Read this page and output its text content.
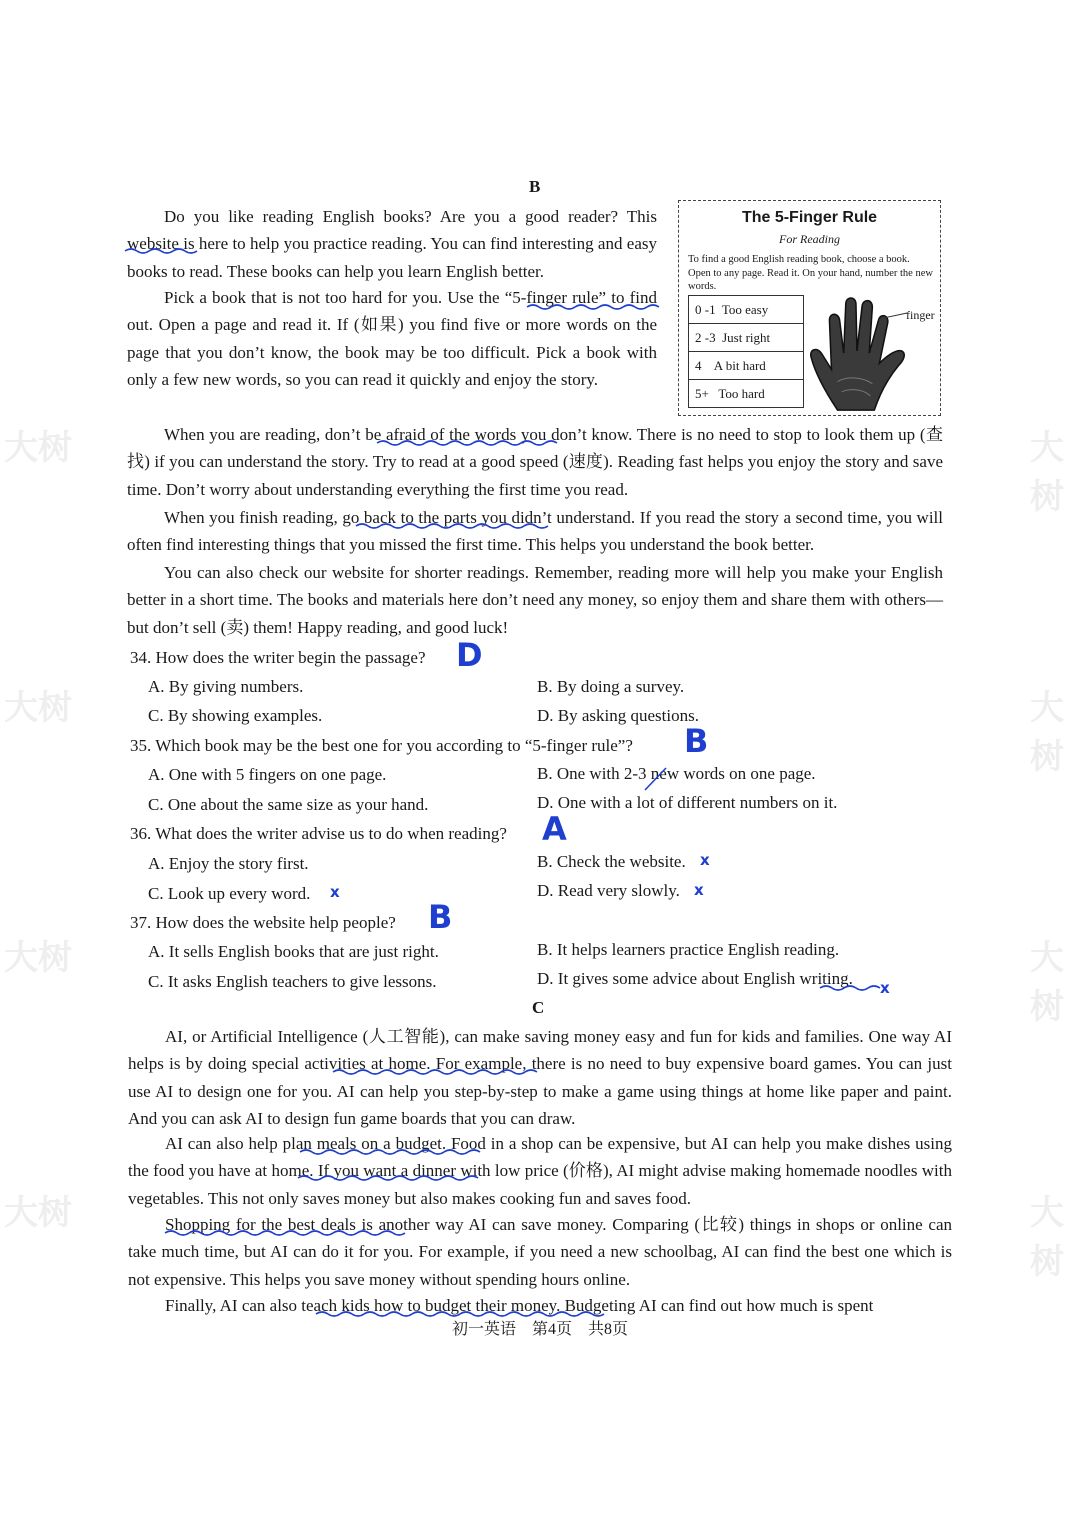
大树	大树
大树	大树
大树	大树
大树	大树
B

Do you like reading English books? Are you a good reader? This website is here to help you practice reading. You can find interesting and easy books to read. These books can help you learn English better.

Pick a book that is not too hard for you. Use the “5-finger rule” to find out. Open a page and read it. If (如果) you find five or more words on the page that you don’t know, the book may be too difficult. Pick a book with only a few new words, so you can read it quickly and enjoy the story.

When you are reading, don’t be afraid of the words you don’t know. There is no need to stop to look them up (查找) if you can understand the story. Try to read at a good speed (速度). Reading fast helps you enjoy the story and save time. Don’t worry about understanding everything the first time you read.

When you finish reading, go back to the parts you didn’t understand. If you read the story a second time, you will often find interesting things that you missed the first time. This helps you understand the book better.

You can also check our website for shorter readings. Remember, reading more will help you make your English better in a short time. The books and materials here don’t need any money, so enjoy them and share them with others—but don’t sell (卖) them! Happy reading, and good luck!

The 5-Finger Rule
For Reading
To find a good English reading book, choose a book. Open to any page. Read it. On your hand, number the new words.
0 -1 Too easy
2 -3 Just right
4 A bit hard
5+ Too hard
finger
34. How does the writer begin the passage? D
A. By giving numbers.	B. By doing a survey.
C. By showing examples.	D. By asking questions.
35. Which book may be the best one for you according to “5-finger rule”? B
A. One with 5 fingers on one page.	B. One with 2-3 new words on one page.
C. One about the same size as your hand.	D. One with a lot of different numbers on it.
36. What does the writer advise us to do when reading? A
A. Enjoy the story first.	B. Check the website. x
C. Look up every word. x	D. Read very slowly. x
37. How does the website help people? B
A. It sells English books that are just right.	B. It helps learners practice English reading.
C. It asks English teachers to give lessons.	D. It gives some advice about English writing. x
C

AI, or Artificial Intelligence (人工智能), can make saving money easy and fun for kids and families. One way AI helps is by doing special activities at home. For example, there is no need to buy expensive board games. You can just use AI to design one for you. AI can help you step-by-step to make a game using things at home like paper and paint. And you can ask AI to design fun game boards that you can draw.

AI can also help plan meals on a budget. Food in a shop can be expensive, but AI can help you make dishes using the food you have at home. If you want a dinner with low price (价格), AI might advise making homemade noodles with vegetables. This not only saves money but also makes cooking fun and saves food.

Shopping for the best deals is another way AI can save money. Comparing (比较) things in shops or online can take much time, but AI can do it for you. For example, if you need a new schoolbag, AI can find the best one which is not expensive. This helps you save money without spending hours online.

Finally, AI can also teach kids how to budget their money. Budgeting AI can find out how much is spent

初一英语　第4页　共8页
